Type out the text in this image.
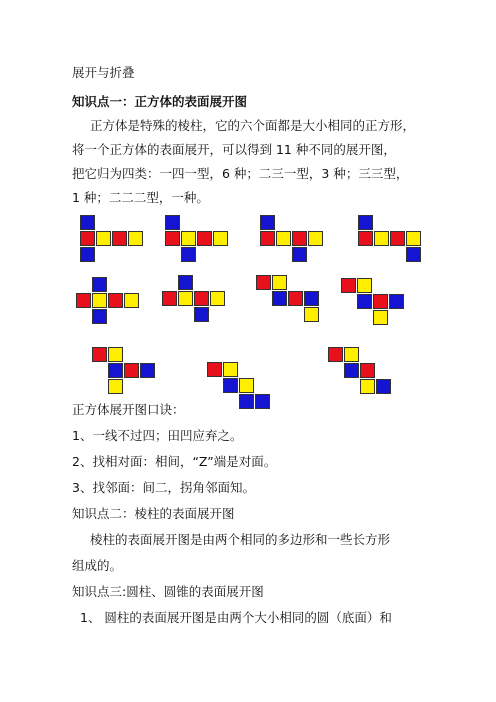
展开与折叠
知识点一：正方体的表面展开图
正方体是特殊的棱柱，它的六个面都是大小相同的正方形，
将一个正方体的表面展开，可以得到 11 种不同的展开图，
把它归为四类：一四一型，6 种；二三一型，3 种；三三型，
1 种；二二二型，一种。
正方体展开图口诀：
1、一线不过四；田凹应弃之。
2、找相对面：相间，“Z”端是对面。
3、找邻面：间二，拐角邻面知。
知识点二：棱柱的表面展开图
棱柱的表面展开图是由两个相同的多边形和一些长方形
组成的。
知识点三:圆柱、圆锥的表面展开图
1、 圆柱的表面展开图是由两个大小相同的圆（底面）和
